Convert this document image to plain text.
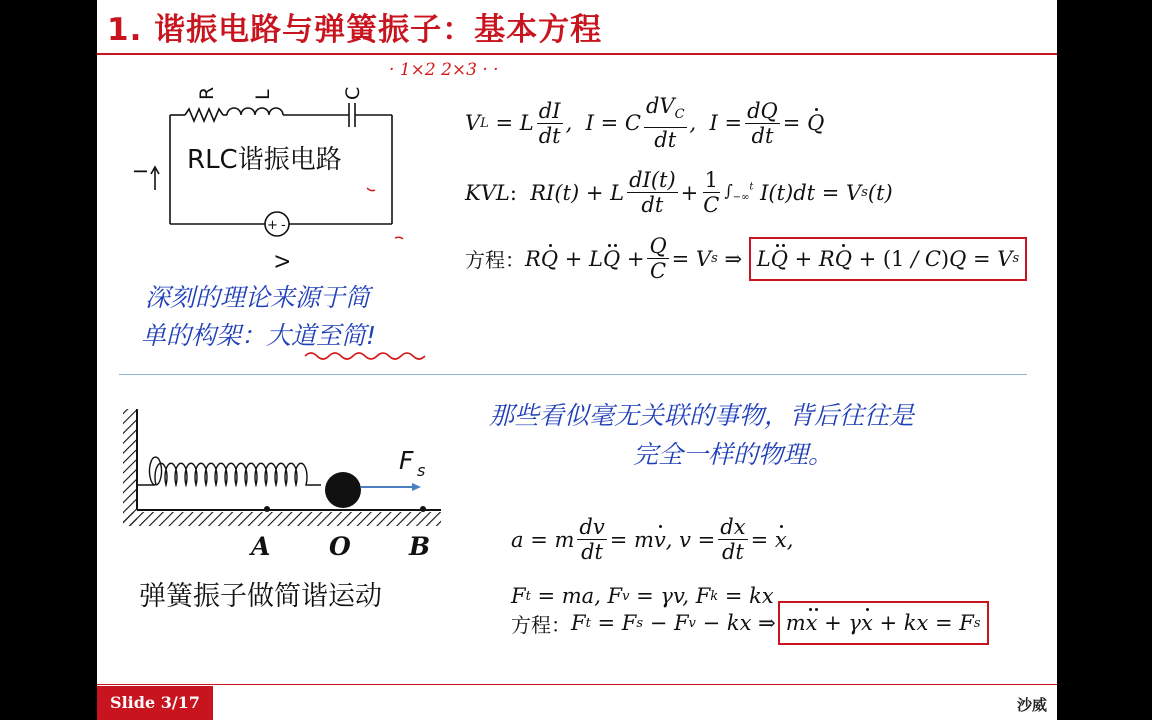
1. 谐振电路与弹簧振子：基本方程
· 1×2 2×3 · ·
R L	C
I
V
+ -
RLC谐振电路
深刻的理论来源于简
单的构架：大道至简!
V L = L $\frac{dI}{dt}$ ,  I = C $\frac{dV_C}{dt}$ ,  $I = \frac{dQ}{dt} = Q$
KVL : RI(t) + L $\frac{dI(t)}{dt} + \frac{1}{C} \int_{-\infty}^t$ I(t)dt = V s (t)
方程： R Q + L $Q + \frac{Q}{C} = V$ s
⇒
L Q + R Q + (1 / C ) Q = V s
F s
A O B
弹簧振子做简谐运动
那些看似毫无关联的事物，背后往往是
完全一样的物理。
a = m $\frac{dv}{dt} = m$ v , $v = \frac{dx}{dt} = x$ ,
F t = ma, F v = γv, F k = kx
方程： F t = F s − F v − kx ⇒ m x + γ x + kx = F s
Slide 3/17	沙威
